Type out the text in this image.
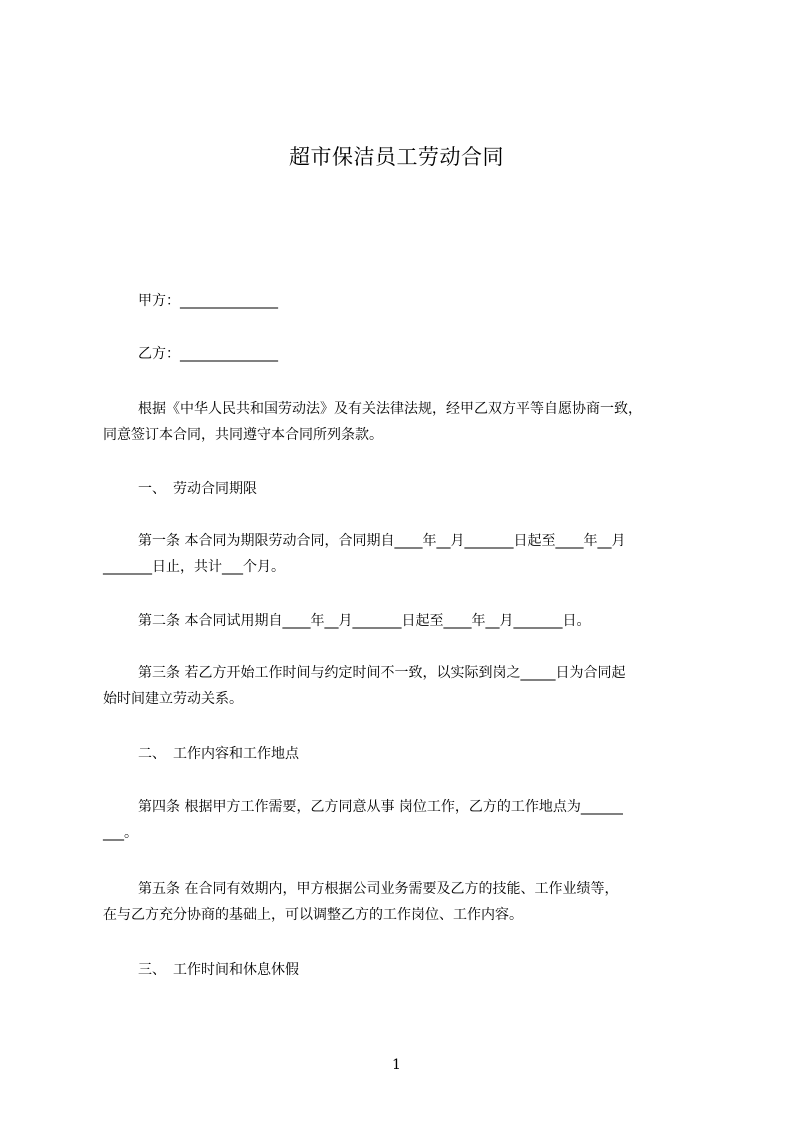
超市保洁员工劳动合同
甲方：______________
乙方：______________
根据《中华人民共和国劳动法》及有关法律法规，经甲乙双方平等自愿协商一致，
同意签订本合同，共同遵守本合同所列条款。
一、　劳动合同期限
第一条 本合同为期限劳动合同，合同期自____年__月_______日起至____年__月
_______日止，共计___个月。
第二条 本合同试用期自____年__月_______日起至____年__月_______日。
第三条 若乙方开始工作时间与约定时间不一致，以实际到岗之_____日为合同起
始时间建立劳动关系。
二、　工作内容和工作地点
第四条 根据甲方工作需要，乙方同意从事 岗位工作，乙方的工作地点为______
___。
第五条 在合同有效期内，甲方根据公司业务需要及乙方的技能、工作业绩等，
在与乙方充分协商的基础上，可以调整乙方的工作岗位、工作内容。
三、　工作时间和休息休假
1
